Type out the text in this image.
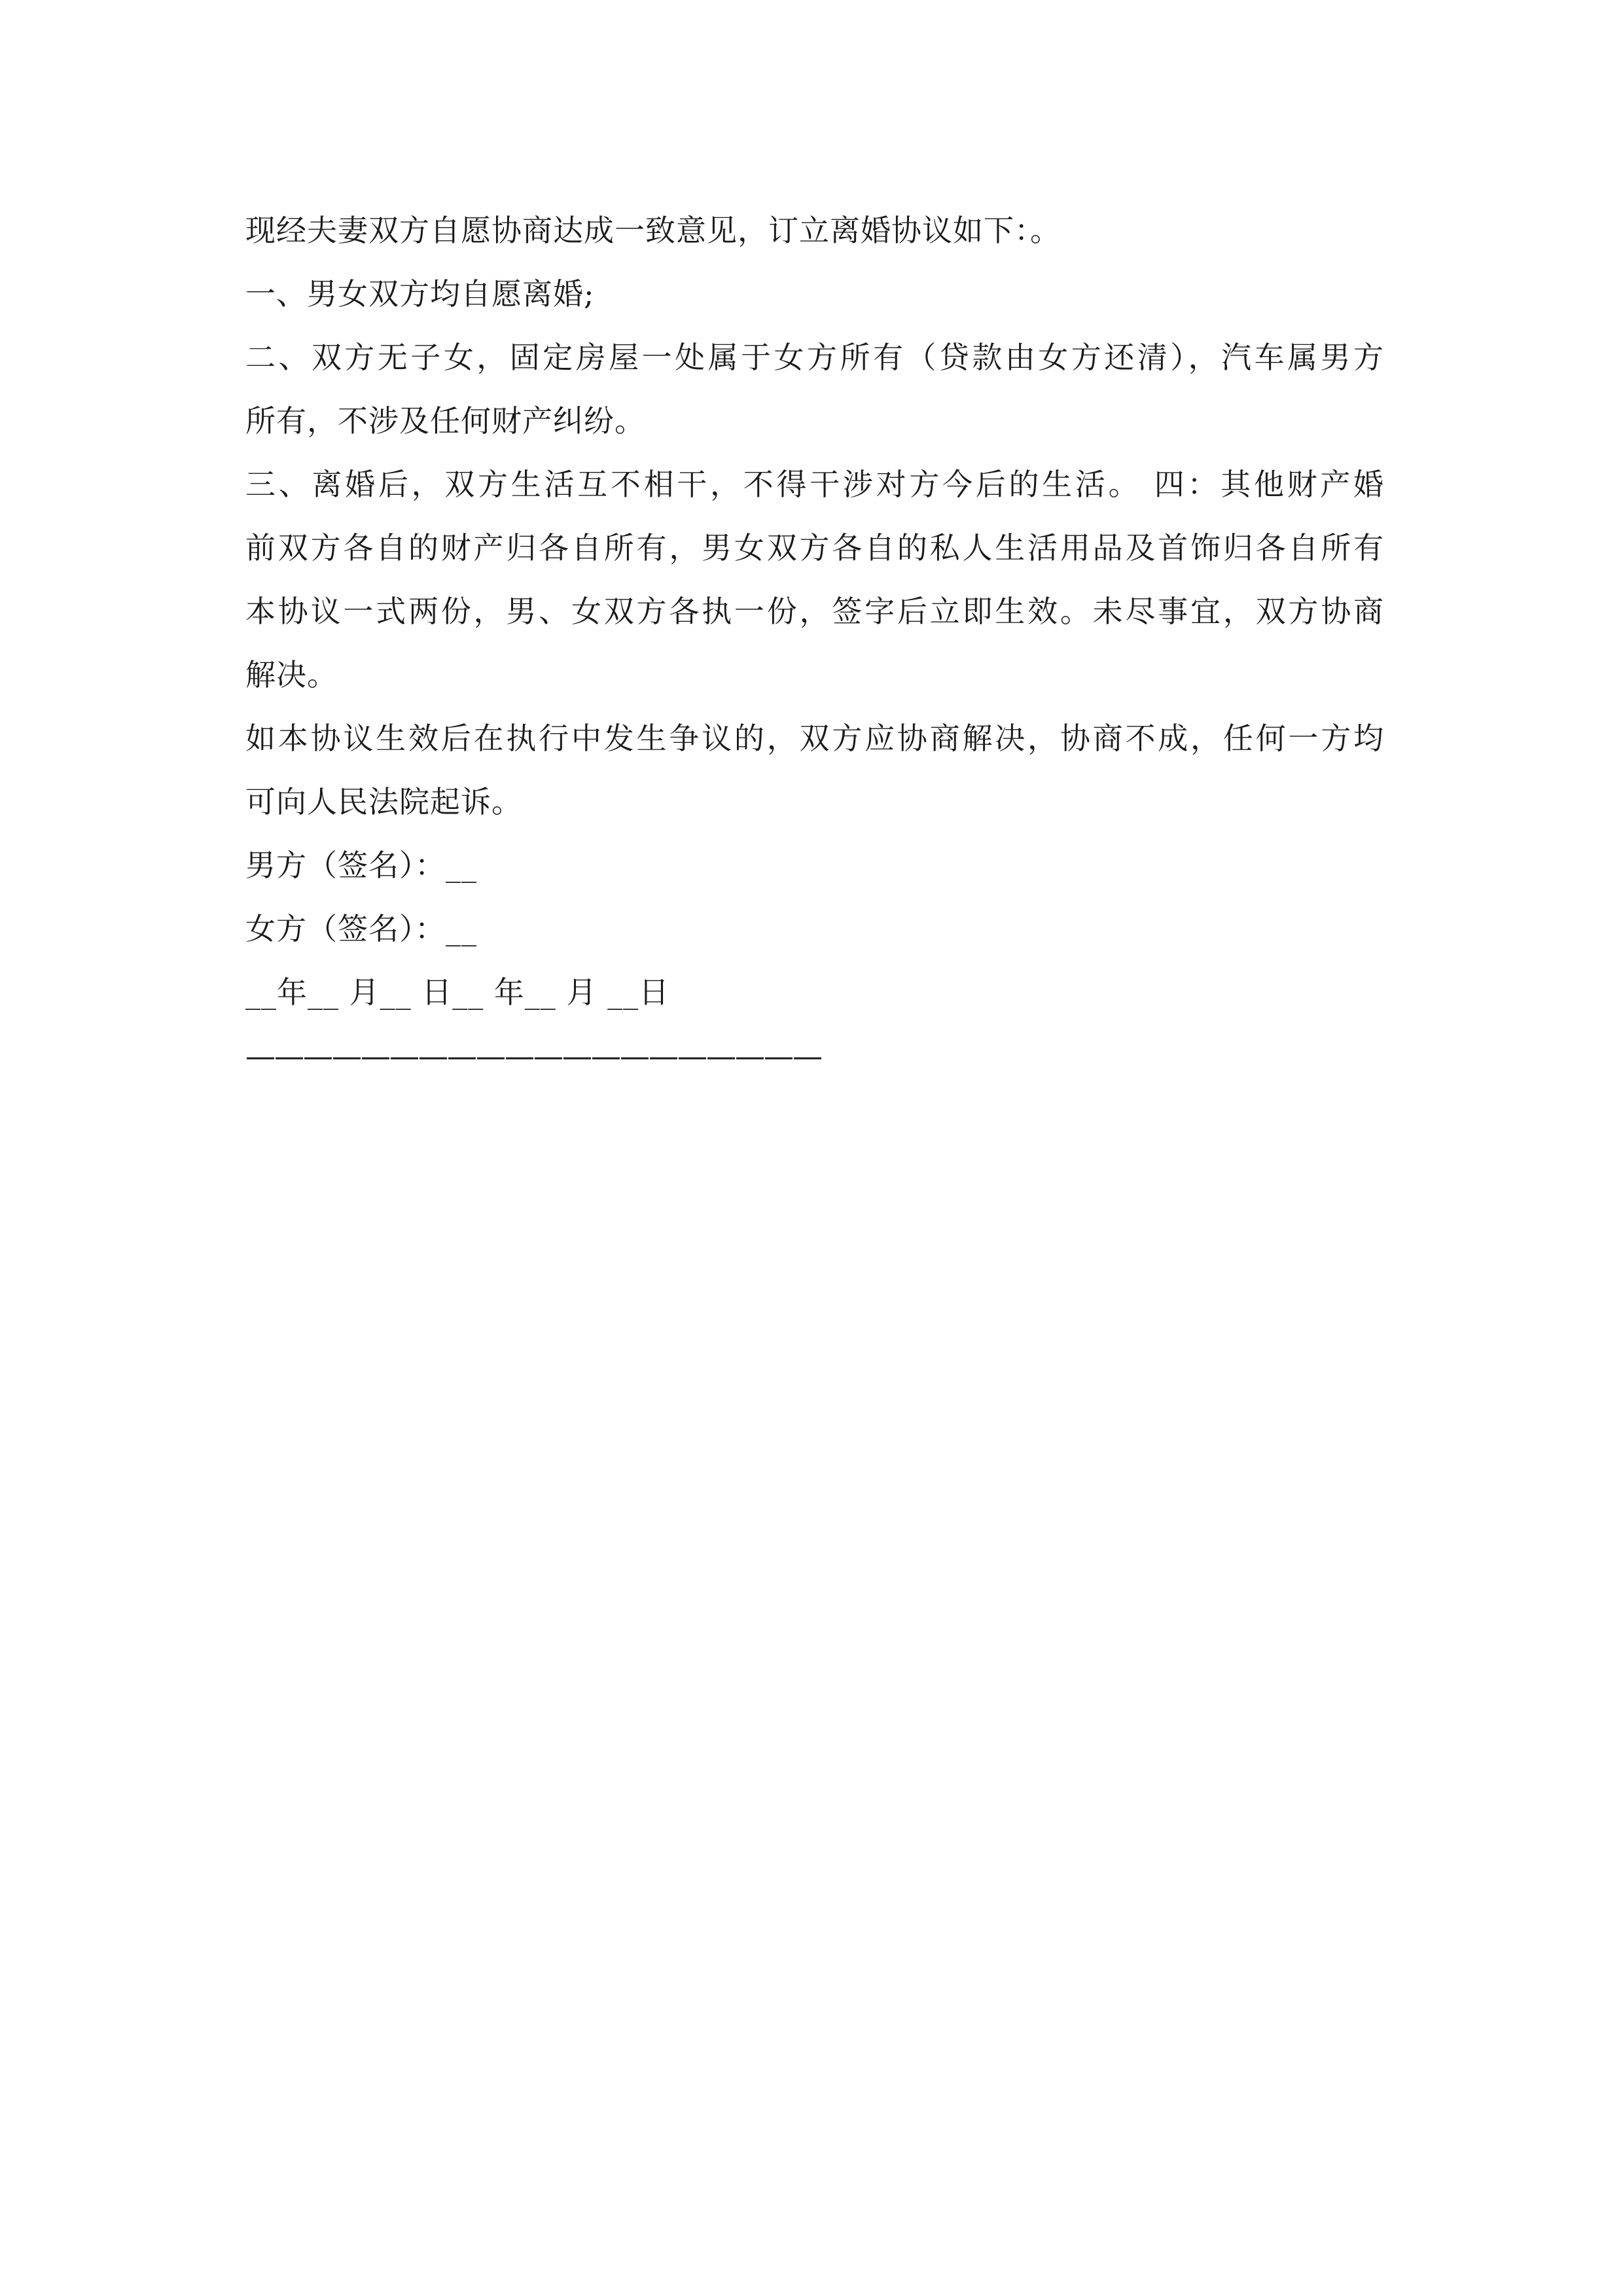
现经夫妻双方自愿协商达成一致意见，订立离婚协议如下：。
一、男女双方均自愿离婚;
二、双方无子女，固定房屋一处属于女方所有（贷款由女方还清），汽车属男方
所有，不涉及任何财产纠纷。
三、离婚后，双方生活互不相干，不得干涉对方今后的生活。 四：其他财产婚
前双方各自的财产归各自所有，男女双方各自的私人生活用品及首饰归各自所有
本协议一式两份，男、女双方各执一份，签字后立即生效。未尽事宜，双方协商
解决。
如本协议生效后在执行中发生争议的，双方应协商解决，协商不成，任何一方均
可向人民法院起诉。
男方（签名）：__
女方（签名）：__
__年__ 月__ 日__ 年__ 月 __日
————————————————————
